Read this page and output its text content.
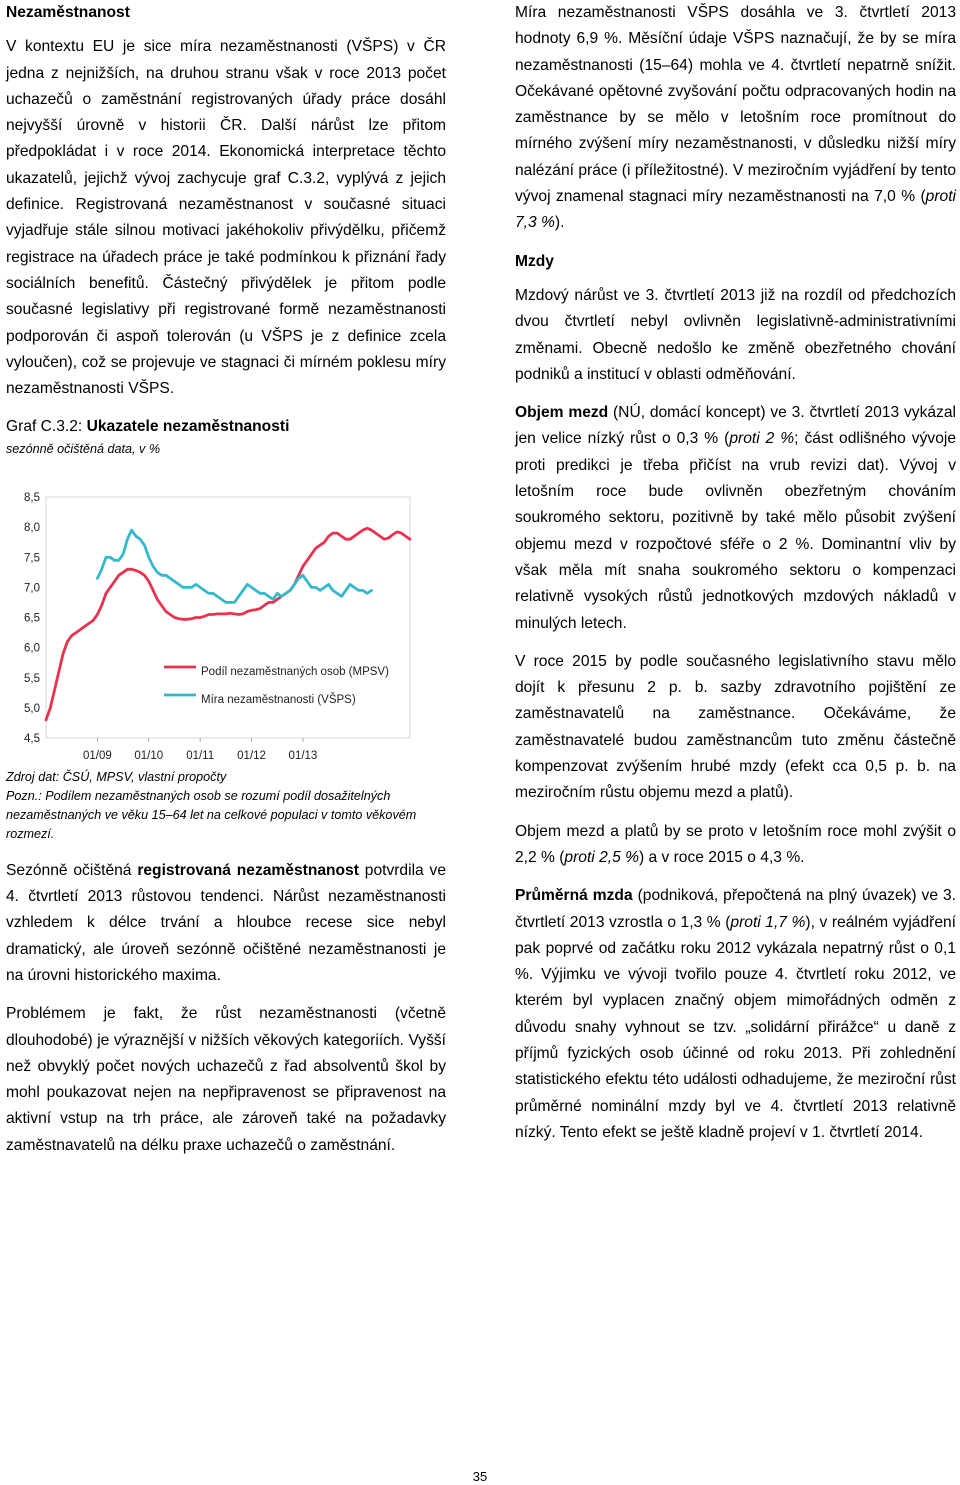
Nezaměstnanost

V kontextu EU je sice míra nezaměstnanosti (VŠPS) v ČR jedna z nejnižších, na druhou stranu však v roce 2013 počet uchazečů o zaměstnání registrovaných úřady práce dosáhl nejvyšší úrovně v historii ČR. Další nárůst lze přitom předpokládat i v roce 2014. Ekonomická interpretace těchto ukazatelů, jejichž vývoj zachycuje graf C.3.2, vyplývá z jejich definice. Registrovaná nezaměstnanost v současné situaci vyjadřuje stále silnou motivaci jakéhokoliv přivýdělku, přičemž registrace na úřadech práce je také podmínkou k přiznání řady sociálních benefitů. Částečný přivýdělek je přitom podle současné legislativy při registrované formě nezaměstnanosti podporován či aspoň tolerován (u VŠPS je z definice zcela vyloučen), což se projevuje ve stagnaci či mírném poklesu míry nezaměstnanosti VŠPS.

Graf C.3.2: Ukazatele nezaměstnanosti
sezónně očištěná data, v %
8,5
8,0
7,5
7,0
6,5
6,0
5,5
5,0
4,5
01/09 01/10 01/11 01/12 01/13
Podíl nezaměstnaných osob (MPSV)
Míra nezaměstnanosti (VŠPS)
Zdroj dat: ČSÚ, MPSV, vlastní propočty
Pozn.: Podílem nezaměstnaných osob se rozumí podíl dosažitelných nezaměstnaných ve věku 15–64 let na celkové populaci v tomto věkovém rozmezí.

Sezónně očištěná registrovaná nezaměstnanost potvrdila ve 4. čtvrtletí 2013 růstovou tendenci. Nárůst nezaměstnanosti vzhledem k délce trvání a hloubce recese sice nebyl dramatický, ale úroveň sezónně očištěné nezaměstnanosti je na úrovni historického maxima.

Problémem je fakt, že růst nezaměstnanosti (včetně dlouhodobé) je výraznější v nižších věkových kategoriích. Vyšší než obvyklý počet nových uchazečů z řad absolventů škol by mohl poukazovat nejen na nepřipravenost se připravenost na aktivní vstup na trh práce, ale zároveň také na požadavky zaměstnavatelů na délku praxe uchazečů o zaměstnání.

Míra nezaměstnanosti VŠPS dosáhla ve 3. čtvrtletí 2013 hodnoty 6,9 %. Měsíční údaje VŠPS naznačují, že by se míra nezaměstnanosti (15–64) mohla ve 4. čtvrtletí nepatrně snížit. Očekávané opětovné zvyšování počtu odpracovaných hodin na zaměstnance by se mělo v letošním roce promítnout do mírného zvýšení míry nezaměstnanosti, v důsledku nižší míry nalézání práce (i příležitostné). V meziročním vyjádření by tento vývoj znamenal stagnaci míry nezaměstnanosti na 7,0 % (proti 7,3 %).

Mzdy

Mzdový nárůst ve 3. čtvrtletí 2013 již na rozdíl od předchozích dvou čtvrtletí nebyl ovlivněn legislativně-administrativními změnami. Obecně nedošlo ke změně obezřetného chování podniků a institucí v oblasti odměňování.

Objem mezd (NÚ, domácí koncept) ve 3. čtvrtletí 2013 vykázal jen velice nízký růst o 0,3 % (proti 2 %; část odlišného vývoje proti predikci je třeba přičíst na vrub revizi dat). Vývoj v letošním roce bude ovlivněn obezřetným chováním soukromého sektoru, pozitivně by také mělo působit zvýšení objemu mezd v rozpočtové sféře o 2 %. Dominantní vliv by však měla mít snaha soukromého sektoru o kompenzaci relativně vysokých růstů jednotkových mzdových nákladů v minulých letech.

V roce 2015 by podle současného legislativního stavu mělo dojít k přesunu 2 p. b. sazby zdravotního pojištění ze zaměstnavatelů na zaměstnance. Očekáváme, že zaměstnavatelé budou zaměstnancům tuto změnu částečně kompenzovat zvýšením hrubé mzdy (efekt cca 0,5 p. b. na meziročním růstu objemu mezd a platů).

Objem mezd a platů by se proto v letošním roce mohl zvýšit o 2,2 % (proti 2,5 %) a v roce 2015 o 4,3 %.

Průměrná mzda (podniková, přepočtená na plný úvazek) ve 3. čtvrtletí 2013 vzrostla o 1,3 % (proti 1,7 %), v reálném vyjádření pak poprvé od začátku roku 2012 vykázala nepatrný růst o 0,1 %. Výjimku ve vývoji tvořilo pouze 4. čtvrtletí roku 2012, ve kterém byl vyplacen značný objem mimořádných odměn z důvodu snahy vyhnout se tzv. „solidární přirážce“ u daně z příjmů fyzických osob účinné od roku 2013. Při zohlednění statistického efektu této události odhadujeme, že meziroční růst průměrné nominální mzdy byl ve 4. čtvrtletí 2013 relativně nízký. Tento efekt se ještě kladně projeví v 1. čtvrtletí 2014.

35
